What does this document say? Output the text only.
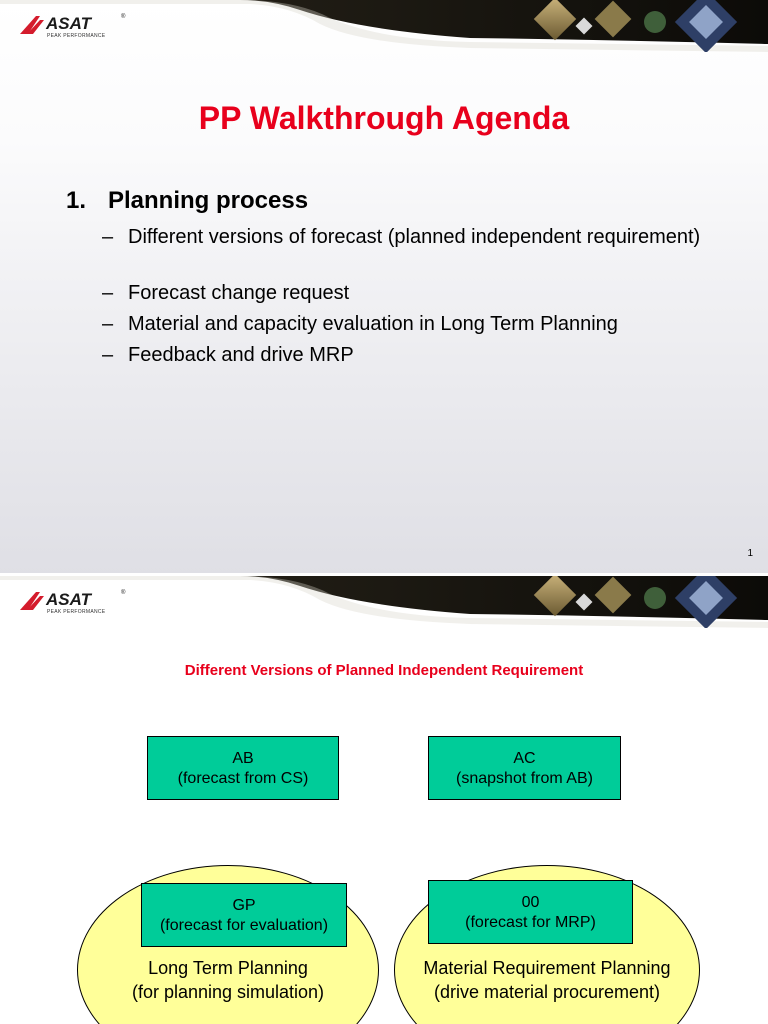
ASAT	®
PEAK PERFORMANCE
PP Walkthrough Agenda
1. Planning process
– Different versions of forecast (planned independent requirement)
– Forecast change request
– Material and capacity evaluation in Long Term Planning
– Feedback and drive MRP
1
ASAT	®
PEAK PERFORMANCE
Different Versions of Planned Independent Requirement
AB
(forecast from CS)
AC
(snapshot from AB)
GP
(forecast for evaluation)
00
(forecast for MRP)
Long Term Planning
(for planning simulation)
Material Requirement Planning
(drive material procurement)
